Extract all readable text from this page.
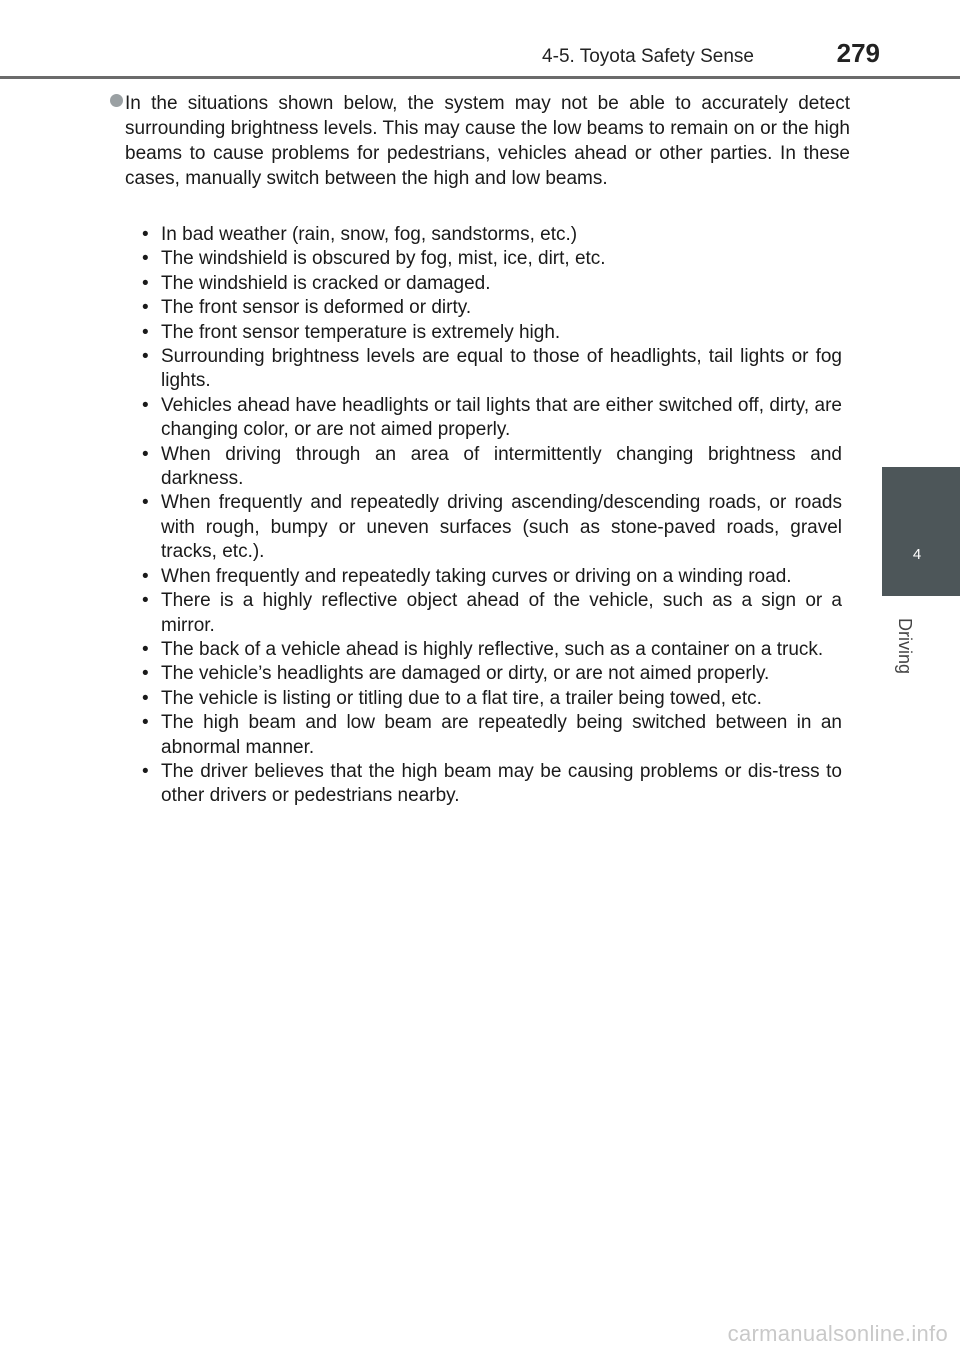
4-5. Toyota Safety Sense	279
4
Driving
In the situations shown below, the system may not be able to accurately detect surrounding brightness levels. This may cause the low beams to remain on or the high beams to cause problems for pedestrians, vehicles ahead or other parties. In these cases, manually switch between the high and low beams.
• In bad weather (rain, snow, fog, sandstorms, etc.)
• The windshield is obscured by fog, mist, ice, dirt, etc.
• The windshield is cracked or damaged.
• The front sensor is deformed or dirty.
• The front sensor temperature is extremely high.
• Surrounding brightness levels are equal to those of headlights, tail lights or fog lights.
• Vehicles ahead have headlights or tail lights that are either switched off, dirty, are changing color, or are not aimed properly.
• When driving through an area of intermittently changing brightness and darkness.
• When frequently and repeatedly driving ascending/descending roads, or roads with rough, bumpy or uneven surfaces (such as stone-paved roads, gravel tracks, etc.).
• When frequently and repeatedly taking curves or driving on a winding road.
• There is a highly reflective object ahead of the vehicle, such as a sign or a mirror.
• The back of a vehicle ahead is highly reflective, such as a container on a truck.
• The vehicle’s headlights are damaged or dirty, or are not aimed properly.
• The vehicle is listing or titling due to a flat tire, a trailer being towed, etc.
• The high beam and low beam are repeatedly being switched between in an abnormal manner.
• The driver believes that the high beam may be causing problems or dis-tress to other drivers or pedestrians nearby.
carmanualsonline.info
